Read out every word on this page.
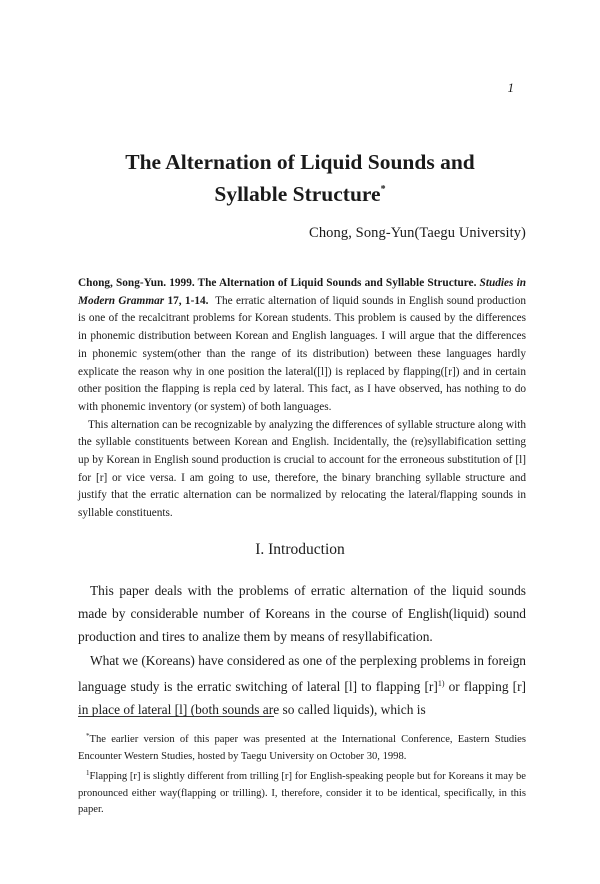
1
The Alternation of Liquid Sounds and
Syllable Structure*
Chong, Song-Yun(Taegu University)

Chong, Song-Yun. 1999. The Alternation of Liquid Sounds and Syllable Structure. Studies in Modern Grammar 17, 1-14. The erratic alternation of liquid sounds in English sound production is one of the recalcitrant problems for Korean students. This problem is caused by the differences in phonemic distribution between Korean and English languages. I will argue that the differences in phonemic system(other than the range of its distribution) between these languages hardly explicate the reason why in one position the lateral([l]) is replaced by flapping([r]) and in certain other position the flapping is repla ced by lateral. This fact, as I have observed, has nothing to do with phonemic inventory (or system) of both languages.

This alternation can be recognizable by analyzing the differences of syllable structure along with the syllable constituents between Korean and English. Incidentally, the (re)syllabification setting up by Korean in English sound production is crucial to account for the erroneous substitution of [l] for [r] or vice versa. I am going to use, therefore, the binary branching syllable structure and justify that the erratic alternation can be normalized by relocating the lateral/flapping sounds in syllable constituents.

I. Introduction

This paper deals with the problems of erratic alternation of the liquid sounds made by considerable number of Koreans in the course of English(liquid) sound production and tires to analize them by means of resyllabification.

What we (Koreans) have considered as one of the perplexing problems in foreign language study is the erratic switching of lateral [l] to flapping $[r]^{1)}$ or flapping [r] in place of lateral [l] (both sounds are so called liquids), which is

*The earlier version of this paper was presented at the International Conference, Eastern Studies Encounter Western Studies, hosted by Taegu University on October 30, 1998.

$^1$Flapping [r] is slightly different from trilling [r] for English-speaking people but for Koreans it may be pronounced either way(flapping or trilling). I, therefore, consider it to be identical, specifically, in this paper.
